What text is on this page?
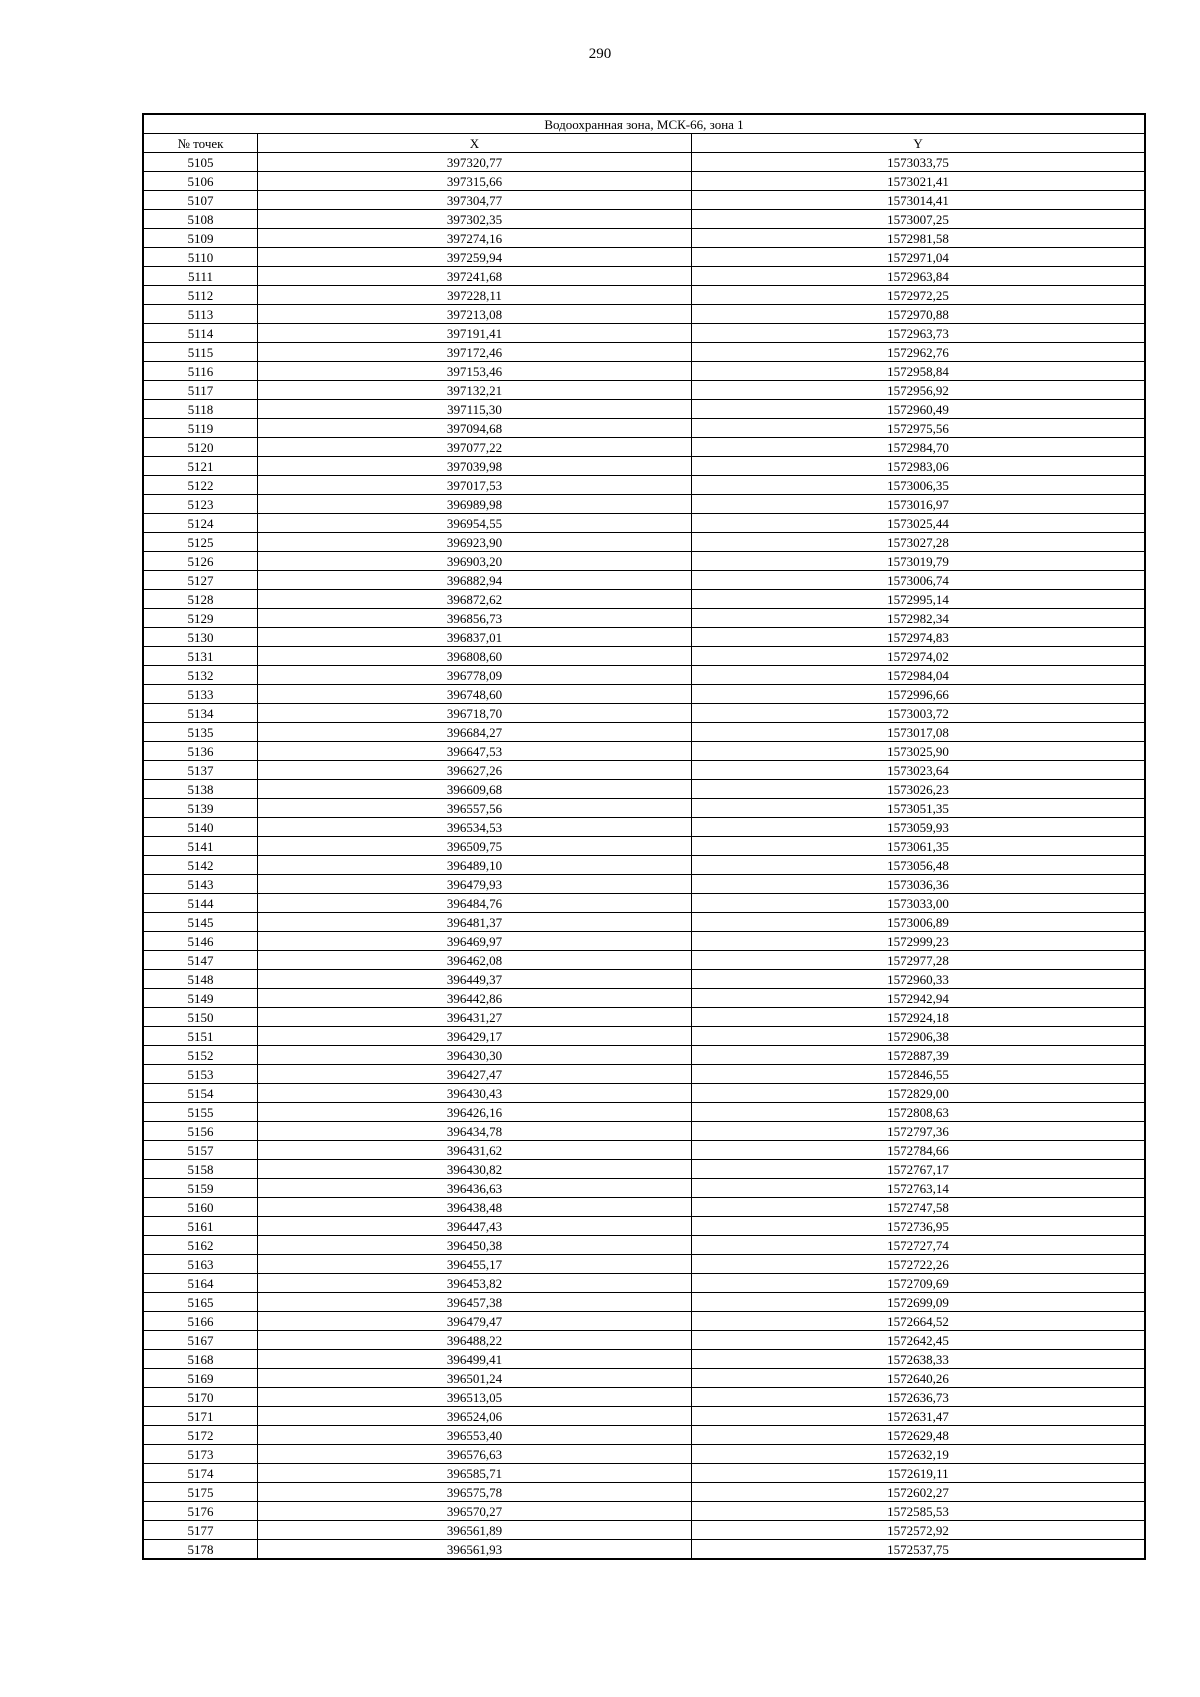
290
Водоохранная зона, МСК-66, зона 1		
№ точек	X	Y
5105	397320,77	1573033,75
5106	397315,66	1573021,41
5107	397304,77	1573014,41
5108	397302,35	1573007,25
5109	397274,16	1572981,58
5110	397259,94	1572971,04
5111	397241,68	1572963,84
5112	397228,11	1572972,25
5113	397213,08	1572970,88
5114	397191,41	1572963,73
5115	397172,46	1572962,76
5116	397153,46	1572958,84
5117	397132,21	1572956,92
5118	397115,30	1572960,49
5119	397094,68	1572975,56
5120	397077,22	1572984,70
5121	397039,98	1572983,06
5122	397017,53	1573006,35
5123	396989,98	1573016,97
5124	396954,55	1573025,44
5125	396923,90	1573027,28
5126	396903,20	1573019,79
5127	396882,94	1573006,74
5128	396872,62	1572995,14
5129	396856,73	1572982,34
5130	396837,01	1572974,83
5131	396808,60	1572974,02
5132	396778,09	1572984,04
5133	396748,60	1572996,66
5134	396718,70	1573003,72
5135	396684,27	1573017,08
5136	396647,53	1573025,90
5137	396627,26	1573023,64
5138	396609,68	1573026,23
5139	396557,56	1573051,35
5140	396534,53	1573059,93
5141	396509,75	1573061,35
5142	396489,10	1573056,48
5143	396479,93	1573036,36
5144	396484,76	1573033,00
5145	396481,37	1573006,89
5146	396469,97	1572999,23
5147	396462,08	1572977,28
5148	396449,37	1572960,33
5149	396442,86	1572942,94
5150	396431,27	1572924,18
5151	396429,17	1572906,38
5152	396430,30	1572887,39
5153	396427,47	1572846,55
5154	396430,43	1572829,00
5155	396426,16	1572808,63
5156	396434,78	1572797,36
5157	396431,62	1572784,66
5158	396430,82	1572767,17
5159	396436,63	1572763,14
5160	396438,48	1572747,58
5161	396447,43	1572736,95
5162	396450,38	1572727,74
5163	396455,17	1572722,26
5164	396453,82	1572709,69
5165	396457,38	1572699,09
5166	396479,47	1572664,52
5167	396488,22	1572642,45
5168	396499,41	1572638,33
5169	396501,24	1572640,26
5170	396513,05	1572636,73
5171	396524,06	1572631,47
5172	396553,40	1572629,48
5173	396576,63	1572632,19
5174	396585,71	1572619,11
5175	396575,78	1572602,27
5176	396570,27	1572585,53
5177	396561,89	1572572,92
5178	396561,93	1572537,75
